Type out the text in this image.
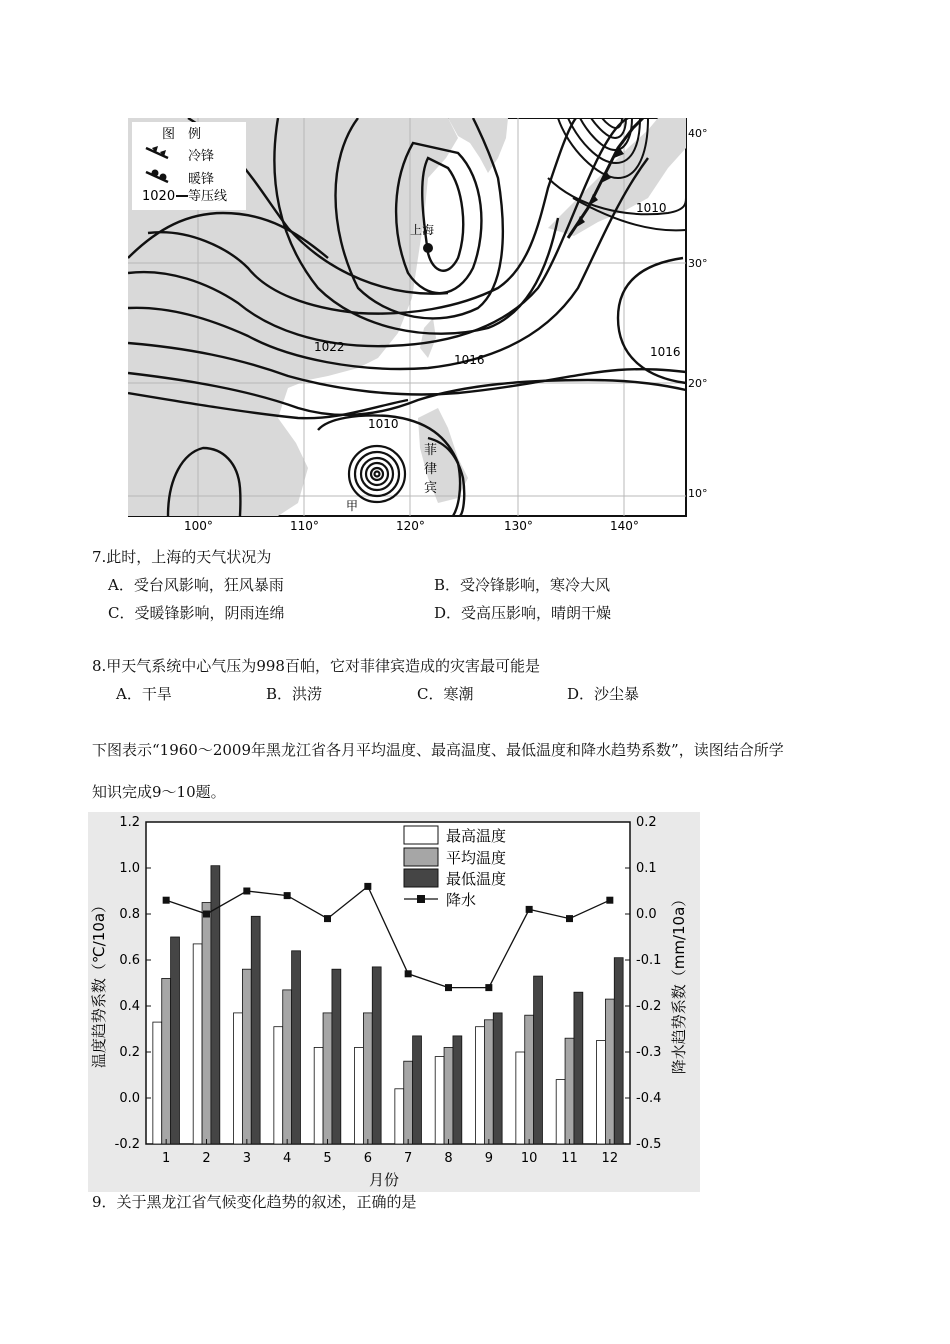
图　例
冷锋
暖锋
1020 等压线
上海
菲
律
宾
甲
1010
1022
1016
1016
1010
40°
30°
20°
10°
100°	110°	120°	130°	140°
7.此时，上海的天气状况为
A．受台风影响，狂风暴雨	B．受冷锋影响，寒冷大风
C．受暖锋影响，阴雨连绵	D．受高压影响，晴朗干燥
8.甲天气系统中心气压为998百帕，它对菲律宾造成的灾害最可能是
A．干旱	B．洪涝	C．寒潮	D．沙尘暴
下图表示“1960～2009年黑龙江省各月平均温度、最高温度、最低温度和降水趋势系数”，读图结合所学
知识完成9～10题。
1 2 3 4 5 6 7 8 9 10 11 12
-0.2
0.0
0.2
0.4
0.6
0.8
1.0
1.2
-0.5
-0.4
-0.3
-0.2
-0.1
0.0
0.1
0.2
最高温度
平均温度
最低温度
降水
月份
温度趋势系数（℃/10a）	降水趋势系数（mm/10a）
9．关于黑龙江省气候变化趋势的叙述，正确的是
